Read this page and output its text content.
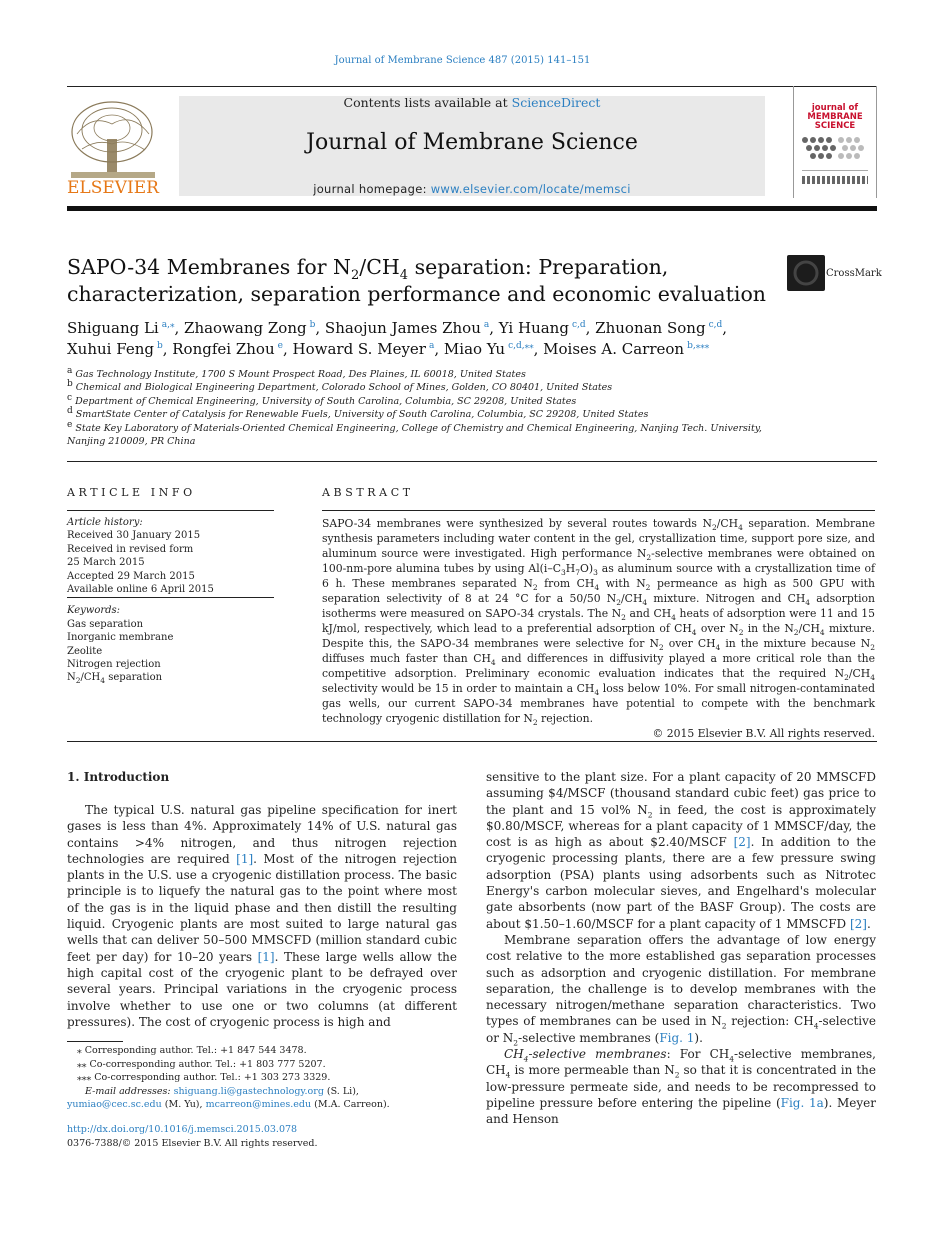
Journal of Membrane Science 487 (2015) 141–151
ELSEVIER
Contents lists available at ScienceDirect
Journal of Membrane Science
journal homepage: www.elsevier.com/locate/memsci
journal of
MEMBRANE
SCIENCE
SAPO-34 Membranes for $N_2/CH_4$ separation: Preparation,
characterization, separation performance and economic evaluation
CrossMark
Shiguang Li  $^{a,⁎}$, Zhaowang Zong  $^b$, Shaojun James Zhou  $^a$, Yi Huang  $^{c,d}$, Zhuonan Song  $^{c,d}$,
Xuhui Feng  $^b$, Rongfei Zhou  $^e$, Howard S. Meyer  $^a$, Miao Yu  $^{c,d,⁎⁎}$, Moises A. Carreon  $^{b,⁎⁎⁎}$
$^a$ Gas Technology Institute, 1700 S Mount Prospect Road, Des Plaines, IL 60018, United States
$^b$ Chemical and Biological Engineering Department, Colorado School of Mines, Golden, CO 80401, United States
$^c$ Department of Chemical Engineering, University of South Carolina, Columbia, SC 29208, United States
$^d$ SmartState Center of Catalysis for Renewable Fuels, University of South Carolina, Columbia, SC 29208, United States
$^e$ State Key Laboratory of Materials-Oriented Chemical Engineering, College of Chemistry and Chemical Engineering, Nanjing Tech. University,
Nanjing 210009, PR China
ARTICLE INFO
Article history:
Received 30 January 2015
Received in revised form
25 March 2015
Accepted 29 March 2015
Available online 6 April 2015
Keywords:
Gas separation
Inorganic membrane
Zeolite
Nitrogen rejection
$N_2/CH_4$ separation
ABSTRACT
SAPO-34 membranes were synthesized by several routes towards $N_2/CH_4$ separation. Membrane synthesis parameters including water content in the gel, crystallization time, support pore size, and aluminum source were investigated. High performance $N_2$-selective membranes were obtained on 100-nm-pore alumina tubes by using $Al(i-C_3H_7O)_3$ as aluminum source with a crystallization time of 6 h. These membranes separated $N_2$ from $CH_4$ with $N_2$ permeance as high as 500 GPU with separation selectivity of 8 at 24 °C for a 50/50 $N_2/CH_4$ mixture. Nitrogen and $CH_4$ adsorption isotherms were measured on SAPO-34 crystals. The $N_2$ and $CH_4$ heats of adsorption were 11 and 15 kJ/mol, respectively, which lead to a preferential adsorption of $CH_4$ over $N_2$ in the $N_2/CH_4$ mixture. Despite this, the SAPO-34 membranes were selective for $N_2$ over $CH_4$ in the mixture because $N_2$ diffuses much faster than $CH_4$ and differences in diffusivity played a more critical role than the competitive adsorption. Preliminary economic evaluation indicates that the required $N_2/CH_4$ selectivity would be 15 in order to maintain a $CH_4$ loss below 10%. For small nitrogen-contaminated gas wells, our current SAPO-34 membranes have potential to compete with the benchmark technology cryogenic distillation for $N_2$ rejection.
© 2015 Elsevier B.V. All rights reserved.
1. Introduction

The typical U.S. natural gas pipeline specification for inert gases is less than 4%. Approximately 14% of U.S. natural gas contains >4% nitrogen, and thus nitrogen rejection technologies are required [1]. Most of the nitrogen rejection plants in the U.S. use a cryogenic distillation process. The basic principle is to liquefy the natural gas to the point where most of the gas is in the liquid phase and then distill the resulting liquid. Cryogenic plants are most suited to large natural gas wells that can deliver 50–500 MMSCFD (million standard cubic feet per day) for 10–20 years [1]. These large wells allow the high capital cost of the cryogenic plant to be defrayed over several years. Principal variations in the cryogenic process involve whether to use one or two columns (at different pressures). The cost of cryogenic process is high and

sensitive to the plant size. For a plant capacity of 20 MMSCFD assuming $4/MSCF (thousand standard cubic feet) gas price to the plant and 15 vol% $N_2$ in feed, the cost is approximately $0.80/MSCF, whereas for a plant capacity of 1 MMSCF/day, the cost is as high as about $2.40/MSCF [2]. In addition to the cryogenic processing plants, there are a few pressure swing adsorption (PSA) plants using adsorbents such as Nitrotec Energy's carbon molecular sieves, and Engelhard's molecular gate absorbents (now part of the BASF Group). The costs are about $1.50–1.60/MSCF for a plant capacity of 1 MMSCFD [2].

Membrane separation offers the advantage of low energy cost relative to the more established gas separation processes such as adsorption and cryogenic distillation. For membrane separation, the challenge is to develop membranes with the necessary nitrogen/methane separation characteristics. Two types of membranes can be used in $N_2$ rejection: $CH_4$-selective or $N_2$-selective membranes (Fig. 1).

$CH_4$-selective membranes: For $CH_4$-selective membranes, $CH_4$ is more permeable than $N_2$ so that it is concentrated in the low-pressure permeate side, and needs to be recompressed to pipeline pressure before entering the pipeline (Fig. 1a). Meyer and Henson

⁎ Corresponding author. Tel.: +1 847 544 3478.
⁎⁎ Co-corresponding author. Tel.: +1 803 777 5207.
⁎⁎⁎ Co-corresponding author. Tel.: +1 303 273 3329.
E-mail addresses: shiguang.li@gastechnology.org (S. Li),
yumiao@cec.sc.edu (M. Yu), mcarreon@mines.edu (M.A. Carreon).
http://dx.doi.org/10.1016/j.memsci.2015.03.078
0376-7388/© 2015 Elsevier B.V. All rights reserved.
